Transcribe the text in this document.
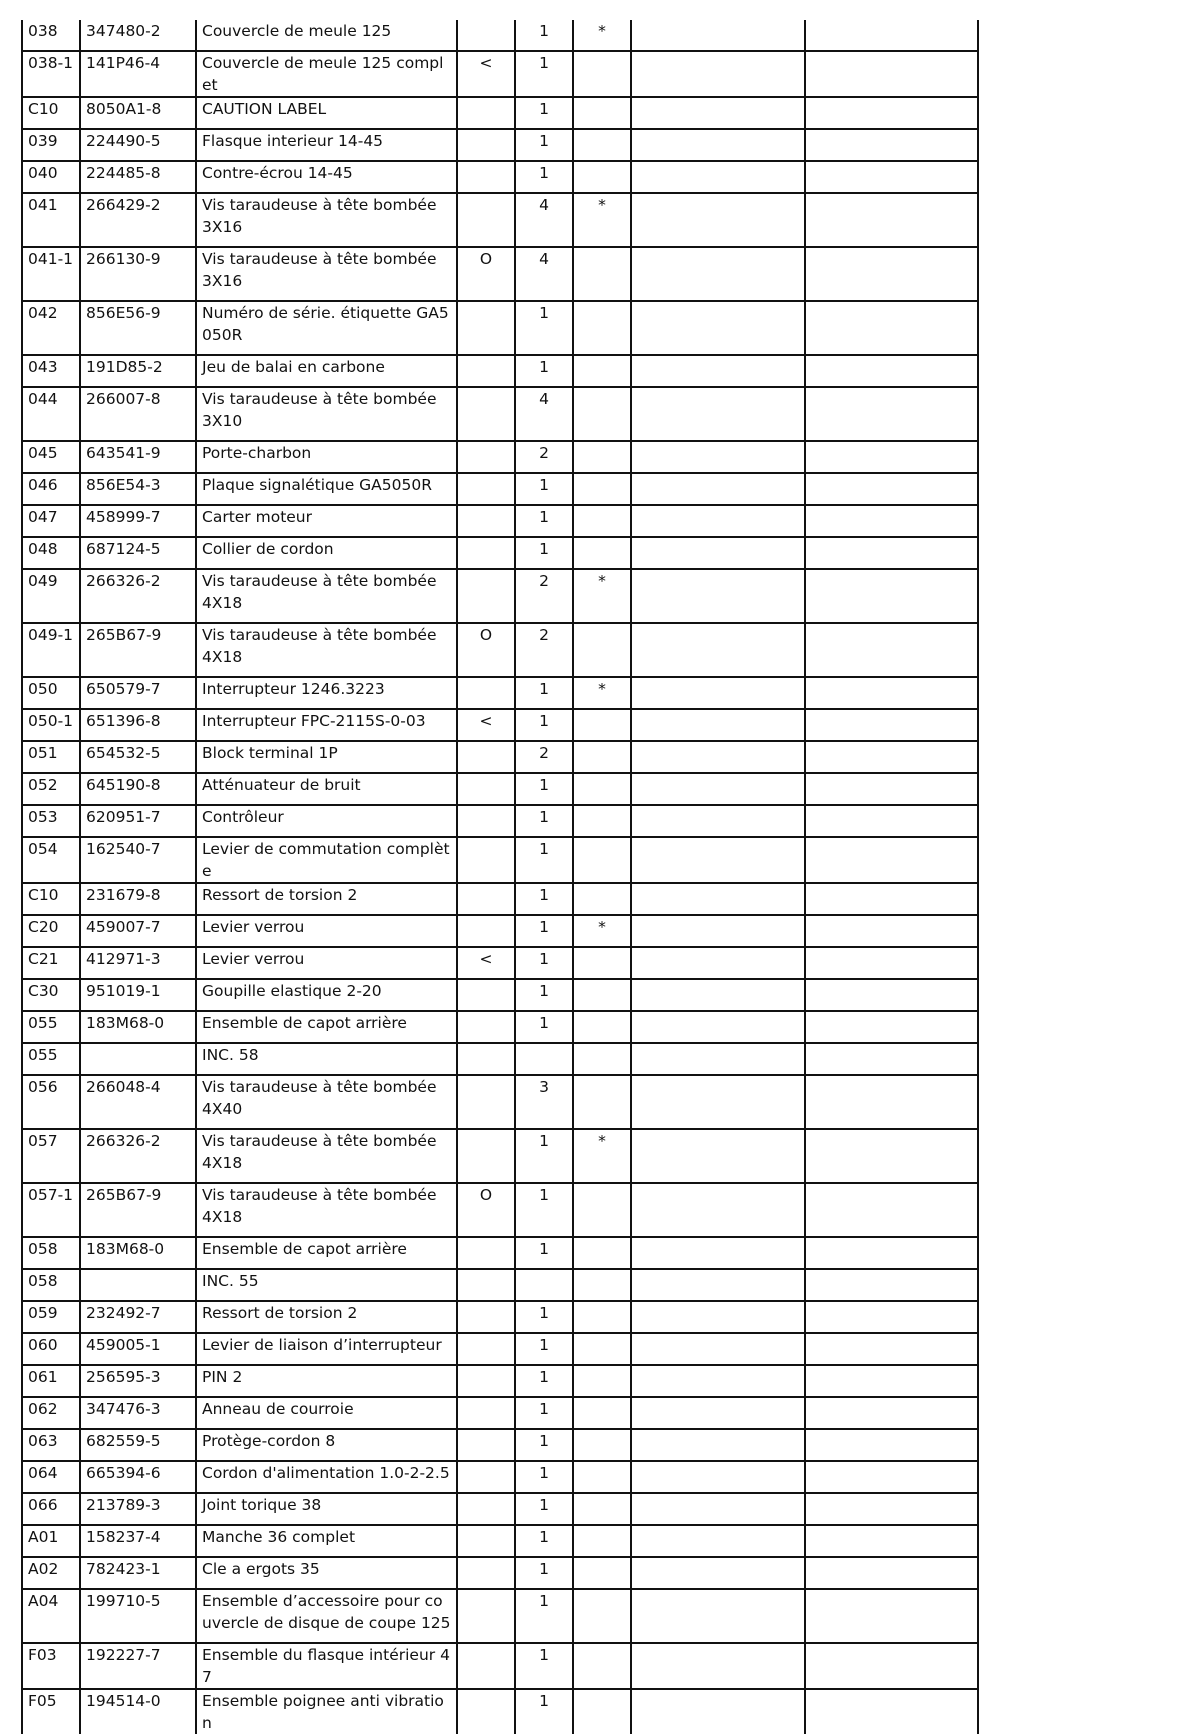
038	347480-2	Couvercle de meule 125		1	*		
038-1	141P46-4	Couvercle de meule 125 complet	<	1			
C10	8050A1-8	CAUTION LABEL		1			
039	224490-5	Flasque interieur 14-45		1			
040	224485-8	Contre-écrou 14-45		1			
041	266429-2	Vis taraudeuse à tête bombée 3X16		4	*		
041-1	266130-9	Vis taraudeuse à tête bombée 3X16	O	4			
042	856E56-9	Numéro de série. étiquette GA5050R		1			
043	191D85-2	Jeu de balai en carbone		1			
044	266007-8	Vis taraudeuse à tête bombée 3X10		4			
045	643541-9	Porte-charbon		2			
046	856E54-3	Plaque signalétique GA5050R		1			
047	458999-7	Carter moteur		1			
048	687124-5	Collier de cordon		1			
049	266326-2	Vis taraudeuse à tête bombée 4X18		2	*		
049-1	265B67-9	Vis taraudeuse à tête bombée 4X18	O	2			
050	650579-7	Interrupteur 1246.3223		1	*		
050-1	651396-8	Interrupteur FPC-2115S-0-03	<	1			
051	654532-5	Block terminal 1P		2			
052	645190-8	Atténuateur de bruit		1			
053	620951-7	Contrôleur		1			
054	162540-7	Levier de commutation complète		1			
C10	231679-8	Ressort de torsion 2		1			
C20	459007-7	Levier verrou		1	*		
C21	412971-3	Levier verrou	<	1			
C30	951019-1	Goupille elastique 2-20		1			
055	183M68-0	Ensemble de capot arrière		1			
055		INC. 58					
056	266048-4	Vis taraudeuse à tête bombée 4X40		3			
057	266326-2	Vis taraudeuse à tête bombée 4X18		1	*		
057-1	265B67-9	Vis taraudeuse à tête bombée 4X18	O	1			
058	183M68-0	Ensemble de capot arrière		1			
058		INC. 55					
059	232492-7	Ressort de torsion 2		1			
060	459005-1	Levier de liaison d’interrupteur		1			
061	256595-3	PIN 2		1			
062	347476-3	Anneau de courroie		1			
063	682559-5	Protège-cordon 8		1			
064	665394-6	Cordon d'alimentation 1.0-2-2.5		1			
066	213789-3	Joint torique 38		1			
A01	158237-4	Manche 36 complet		1			
A02	782423-1	Cle a ergots 35		1			
A04	199710-5	Ensemble d’accessoire pour couvercle de disque de coupe 125		1			
F03	192227-7	Ensemble du flasque intérieur 47		1			
F05	194514-0	Ensemble poignee anti vibration		1			
